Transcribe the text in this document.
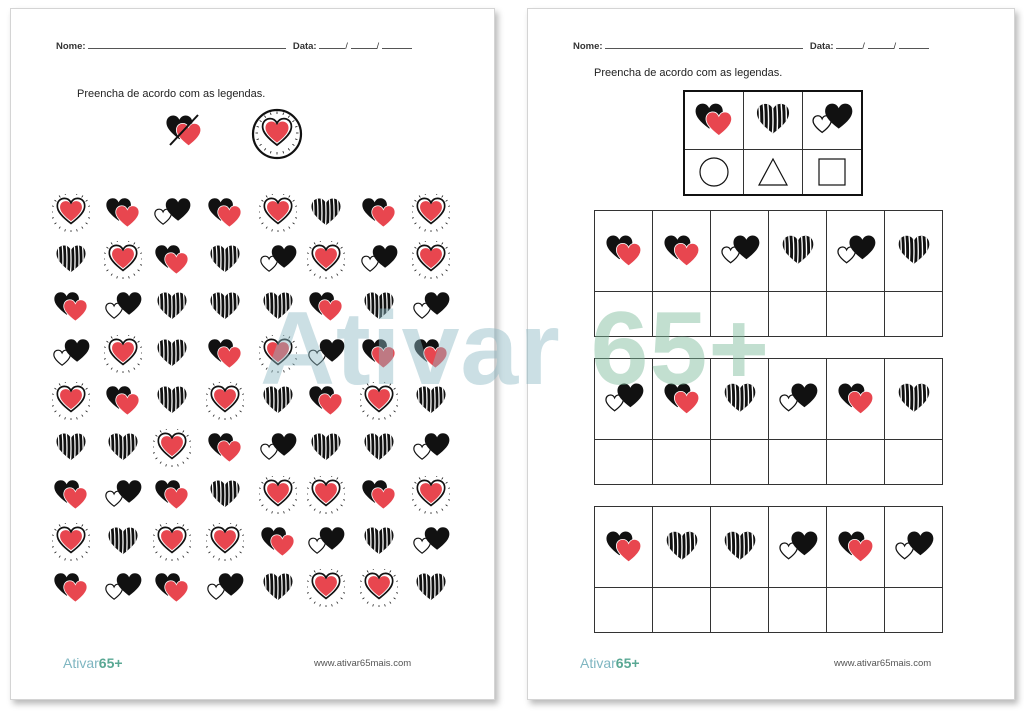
Nome:	Data:	/	/
Preencha de acordo com as legendas.
Ativar65+	www.ativar65mais.com
Nome:	Data:	/	/
Preencha de acordo com as legendas.

Ativar65+	www.ativar65mais.com
Ativar 65+
